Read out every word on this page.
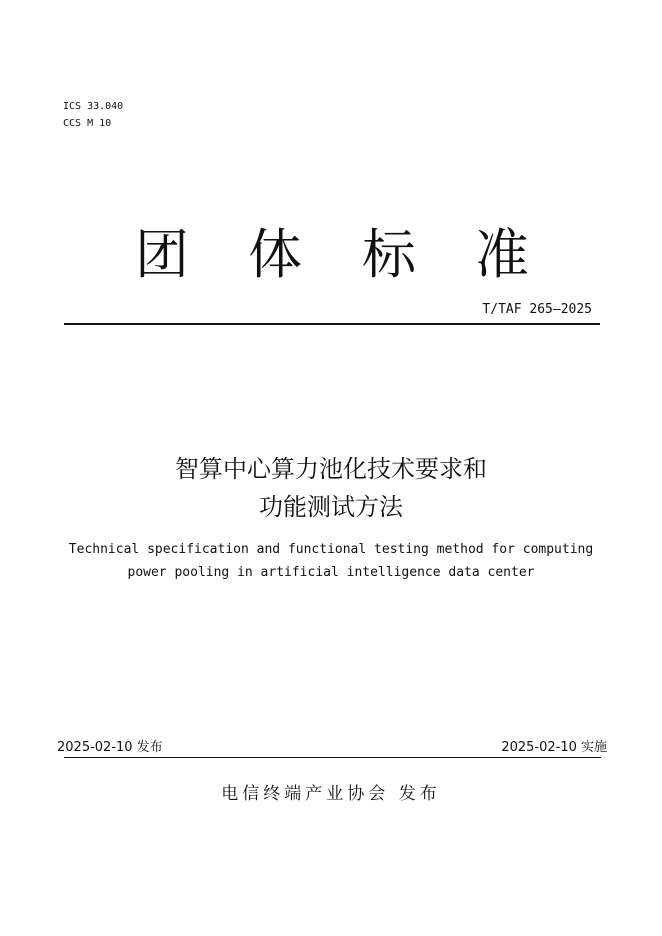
ICS 33.040
CCS M 10
团 体 标 准
T/TAF 265—2025
智算中心算力池化技术要求和
功能测试方法
Technical specification and functional testing method for computing
power pooling in artificial intelligence data center
2025-02-10 发布	2025-02-10 实施
电信终端产业协会 发布
